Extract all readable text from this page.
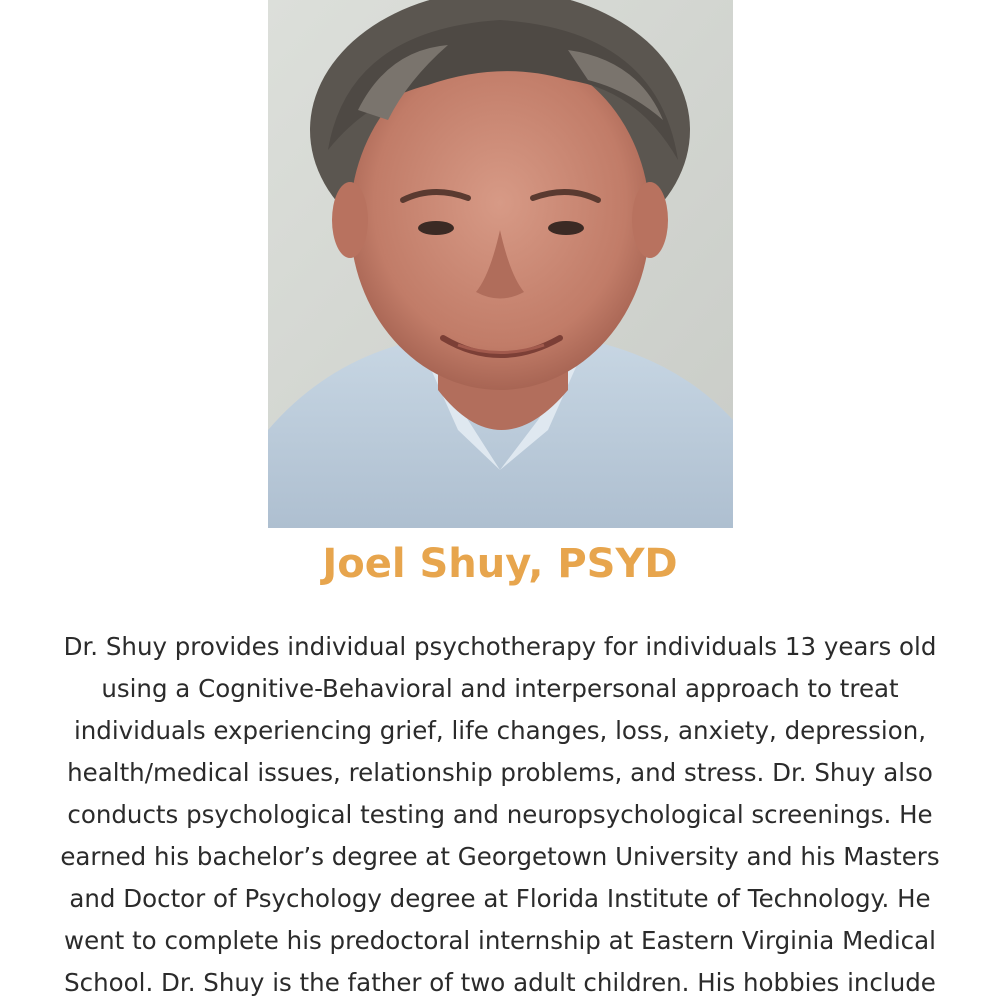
Joel Shuy, PSYD

Dr. Shuy provides individual psychotherapy for individuals 13 years old
using a Cognitive-Behavioral and interpersonal approach to treat
individuals experiencing grief, life changes, loss, anxiety, depression,
health/medical issues, relationship problems, and stress. Dr. Shuy also
conducts psychological testing and neuropsychological screenings. He
earned his bachelor’s degree at Georgetown University and his Masters
and Doctor of Psychology degree at Florida Institute of Technology. He
went to complete his predoctoral internship at Eastern Virginia Medical
School. Dr. Shuy is the father of two adult children. His hobbies include
